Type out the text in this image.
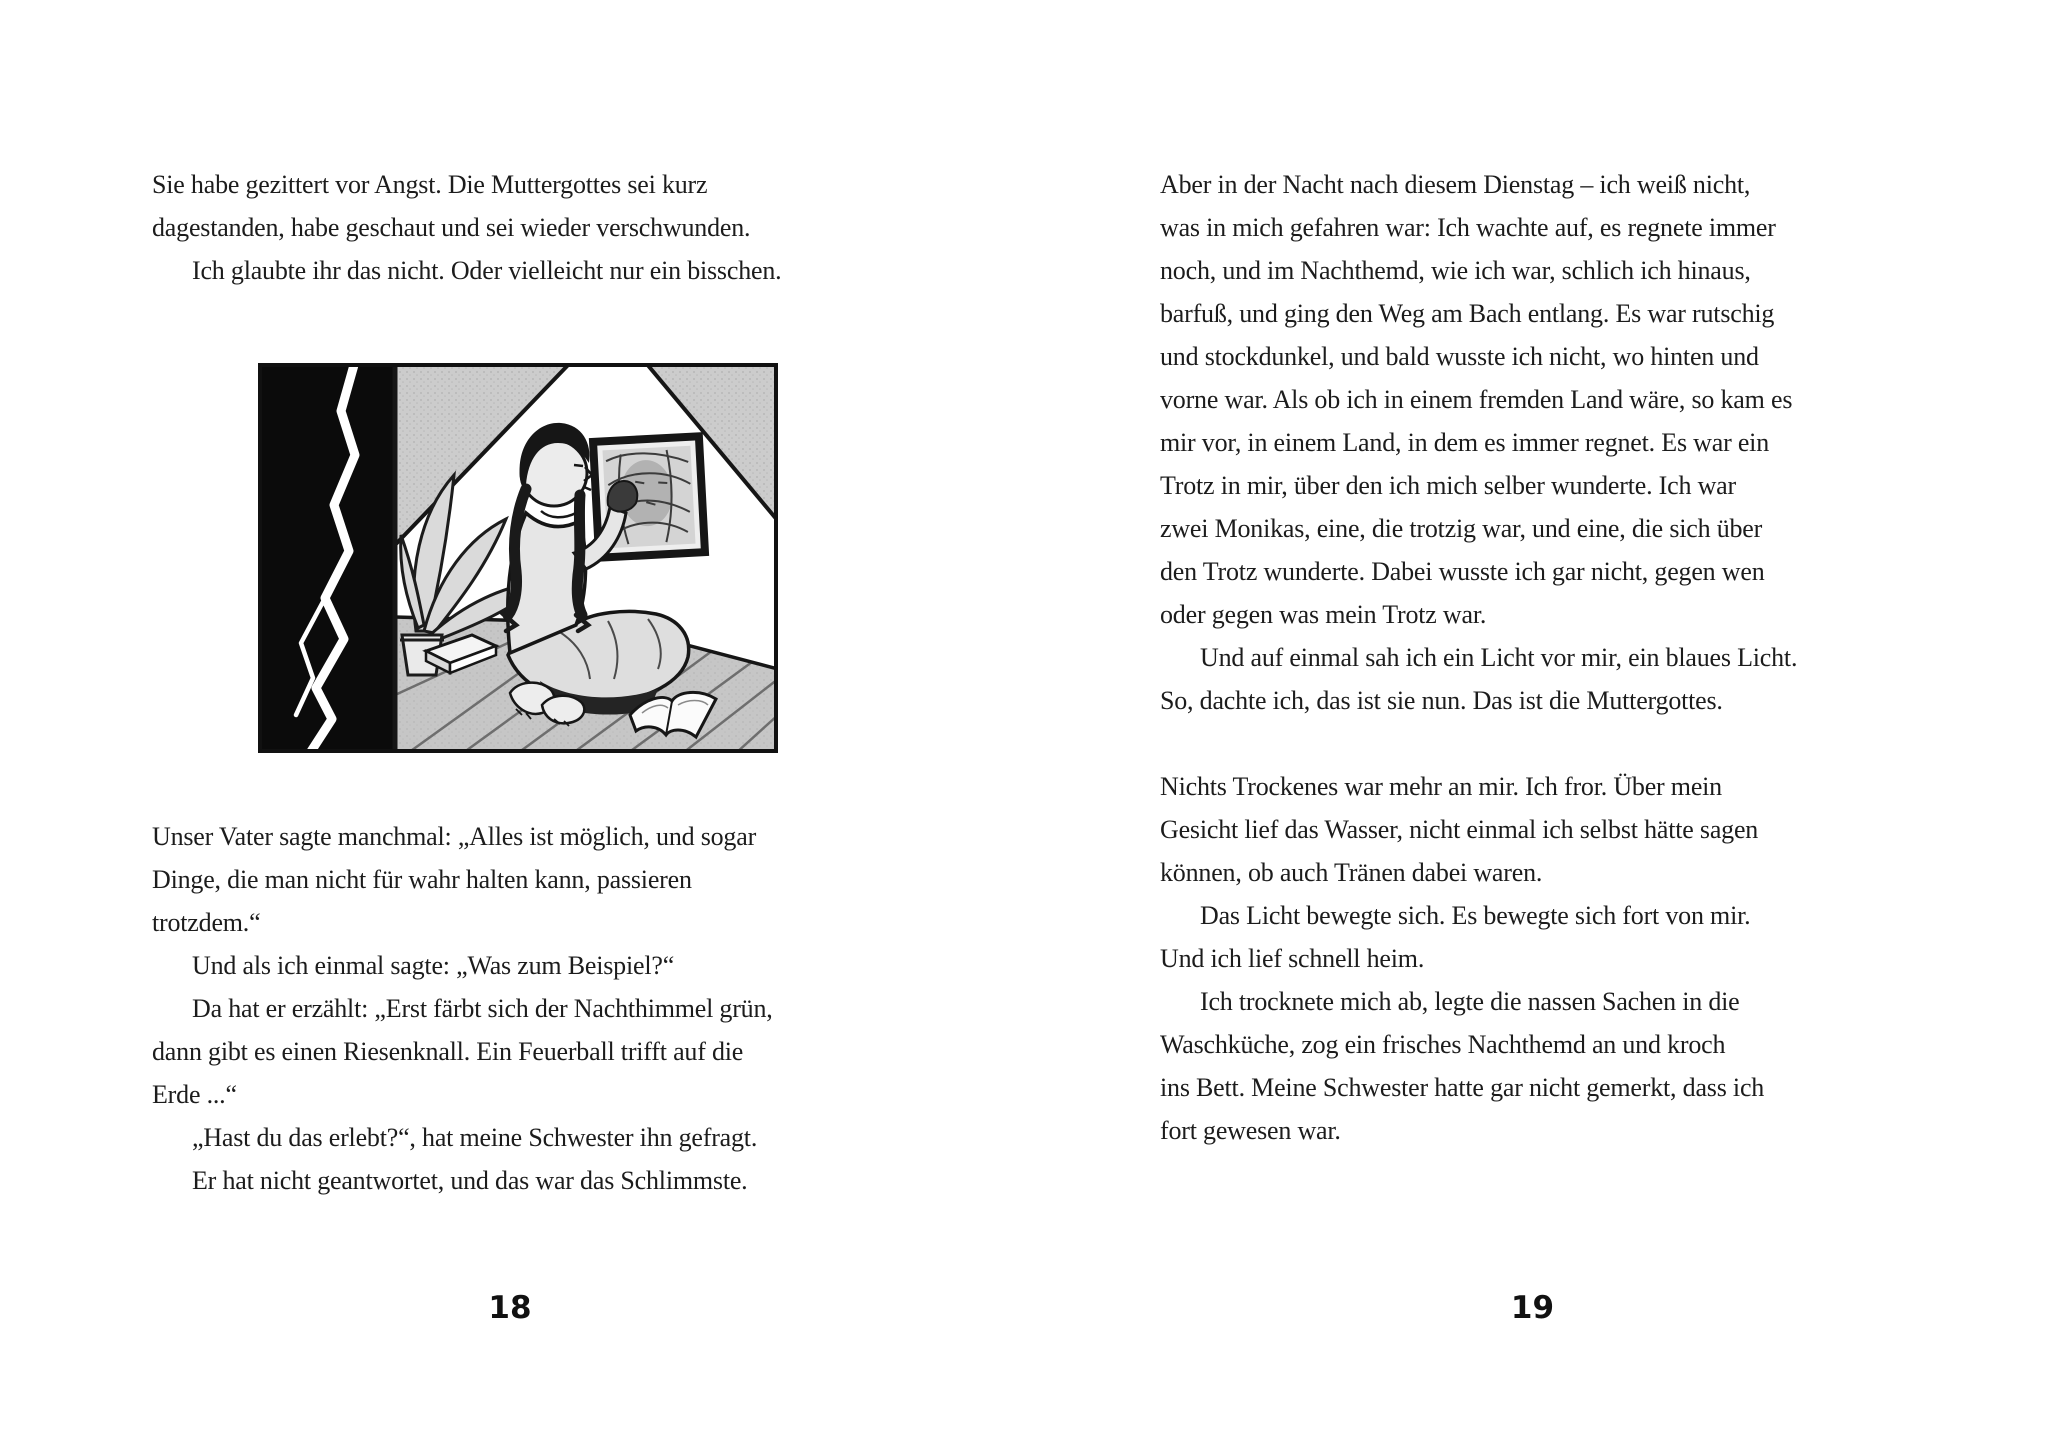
Sie habe gezittert vor Angst. Die Muttergottes sei kurz
dagestanden, habe geschaut und sei wieder verschwunden.
Ich glaubte ihr das nicht. Oder vielleicht nur ein bisschen.
Unser Vater sagte manchmal: „Alles ist möglich, und sogar
Dinge, die man nicht für wahr halten kann, passieren
trotzdem.“
Und als ich einmal sagte: „Was zum Beispiel?“
Da hat er erzählt: „Erst färbt sich der Nachthimmel grün,
dann gibt es einen Riesenknall. Ein Feuerball trifft auf die
Erde ...“
„Hast du das erlebt?“, hat meine Schwester ihn gefragt.
Er hat nicht geantwortet, und das war das Schlimmste.
18
Aber in der Nacht nach diesem Dienstag – ich weiß nicht,
was in mich gefahren war: Ich wachte auf, es regnete immer
noch, und im Nachthemd, wie ich war, schlich ich hinaus,
barfuß, und ging den Weg am Bach entlang. Es war rutschig
und stockdunkel, und bald wusste ich nicht, wo hinten und
vorne war. Als ob ich in einem fremden Land wäre, so kam es
mir vor, in einem Land, in dem es immer regnet. Es war ein
Trotz in mir, über den ich mich selber wunderte. Ich war
zwei Monikas, eine, die trotzig war, und eine, die sich über
den Trotz wunderte. Dabei wusste ich gar nicht, gegen wen
oder gegen was mein Trotz war.
Und auf einmal sah ich ein Licht vor mir, ein blaues Licht.
So, dachte ich, das ist sie nun. Das ist die Muttergottes.
Nichts Trockenes war mehr an mir. Ich fror. Über mein
Gesicht lief das Wasser, nicht einmal ich selbst hätte sagen
können, ob auch Tränen dabei waren.
Das Licht bewegte sich. Es bewegte sich fort von mir.
Und ich lief schnell heim.
Ich trocknete mich ab, legte die nassen Sachen in die
Waschküche, zog ein frisches Nachthemd an und kroch
ins Bett. Meine Schwester hatte gar nicht gemerkt, dass ich
fort gewesen war.
19
